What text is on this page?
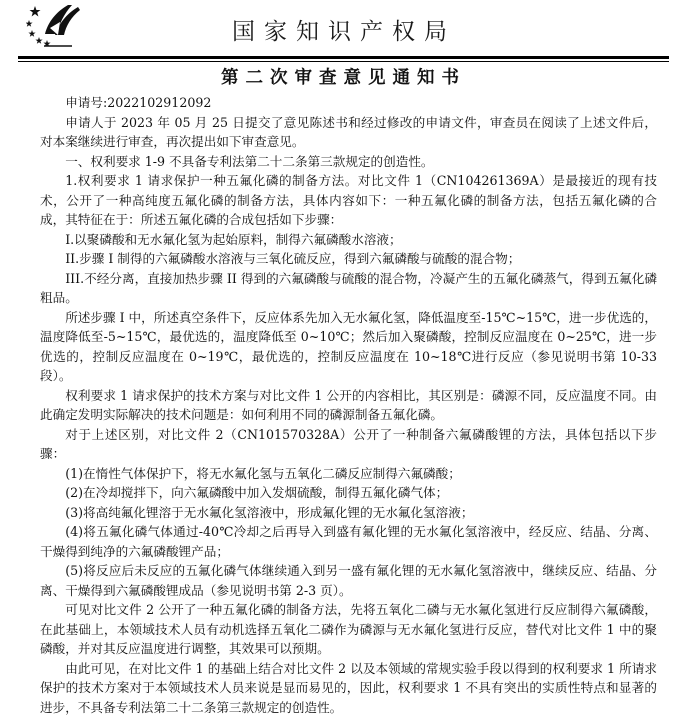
国家知识产权局
第二次审查意见通知书

申请号:2022102912092

申请人于 2023 年 05 月 25 日提交了意见陈述书和经过修改的申请文件，审查员在阅读了上述文件后，对本案继续进行审查，再次提出如下审查意见。

一、权利要求 1-9 不具备专利法第二十二条第三款规定的创造性。

1.权利要求 1 请求保护一种五氟化磷的制备方法。对比文件 1（CN104261369A）是最接近的现有技术，公开了一种高纯度五氟化磷的制备方法，具体内容如下：一种五氟化磷的制备方法，包括五氟化磷的合成，其特征在于：所述五氟化磷的合成包括如下步骤：

I.以聚磷酸和无水氟化氢为起始原料，制得六氟磷酸水溶液；

II.步骤 I 制得的六氟磷酸水溶液与三氧化硫反应，得到六氟磷酸与硫酸的混合物；

III.不经分离，直接加热步骤 II 得到的六氟磷酸与硫酸的混合物，冷凝产生的五氟化磷蒸气，得到五氟化磷粗品。

所述步骤 I 中，所述真空条件下，反应体系先加入无水氟化氢，降低温度至-15℃~15℃，进一步优选的，温度降低至-5~15℃，最优选的，温度降低至 0~10℃；然后加入聚磷酸，控制反应温度在 0~25℃，进一步优选的，控制反应温度在 0~19℃，最优选的，控制反应温度在 10~18℃进行反应（参见说明书第 10-33 段）。

权利要求 1 请求保护的技术方案与对比文件 1 公开的内容相比，其区别是：磷源不同，反应温度不同。由此确定发明实际解决的技术问题是：如何利用不同的磷源制备五氟化磷。

对于上述区别，对比文件 2（CN101570328A）公开了一种制备六氟磷酸锂的方法，具体包括以下步骤：

(1)在惰性气体保护下，将无水氟化氢与五氧化二磷反应制得六氟磷酸；

(2)在冷却搅拌下，向六氟磷酸中加入发烟硫酸，制得五氟化磷气体；

(3)将高纯氟化锂溶于无水氟化氢溶液中，形成氟化锂的无水氟化氢溶液；

(4)将五氟化磷气体通过-40℃冷却之后再导入到盛有氟化锂的无水氟化氢溶液中，经反应、结晶、分离、干燥得到纯净的六氟磷酸锂产品；

(5)将反应后未反应的五氟化磷气体继续通入到另一盛有氟化锂的无水氟化氢溶液中，继续反应、结晶、分离、干燥得到六氟磷酸锂成品（参见说明书第 2-3 页）。

可见对比文件 2 公开了一种五氟化磷的制备方法，先将五氧化二磷与无水氟化氢进行反应制得六氟磷酸，在此基础上，本领域技术人员有动机选择五氧化二磷作为磷源与无水氟化氢进行反应，替代对比文件 1 中的聚磷酸，并对其反应温度进行调整，其效果可以预期。

由此可见，在对比文件 1 的基础上结合对比文件 2 以及本领域的常规实验手段以得到的权利要求 1 所请求保护的技术方案对于本领域技术人员来说是显而易见的，因此，权利要求 1 不具有突出的实质性特点和显著的进步，不具备专利法第二十二条第三款规定的创造性。
